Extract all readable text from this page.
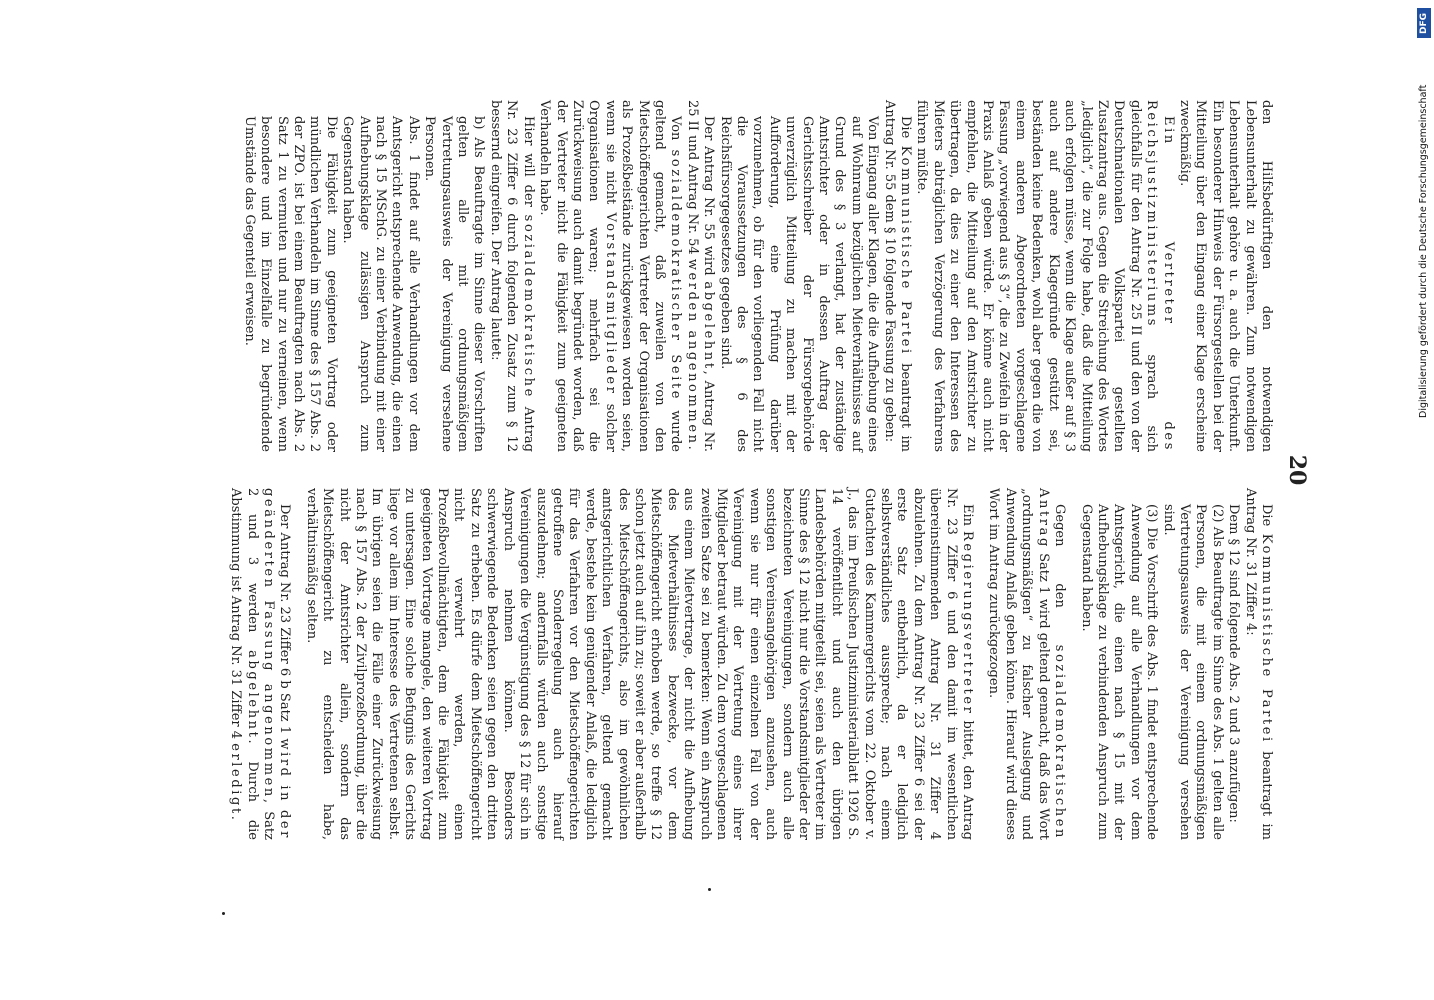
20

den Hilfsbedürftigen den notwendigen Lebensunterhalt zu gewähren. Zum notwendigen Lebensunterhalt gehöre u. a. auch die Unterkunft. Ein besonderer Hinweis der Fürsorgestellen bei der Mitteilung über den Eingang einer Klage erscheine zweckmäßig.

Ein Vertreter des Reichsjustizministeriums sprach sich gleichfalls für den Antrag Nr. 25 II und den von der Deutschnationalen Volkspartei gestellten Zusatzantrag aus. Gegen die Streichung des Wortes „lediglich“, die zur Folge habe, daß die Mitteilung auch erfolgen müsse, wenn die Klage außer auf § 3 auch auf andere Klagegründe gestützt sei, beständen keine Bedenken, wohl aber gegen die von einem anderen Abgeordneten vorgeschlagene Fassung „vorwiegend aus § 3“, die zu Zweifeln in der Praxis Anlaß geben würde. Er könne auch nicht empfehlen, die Mitteilung auf den Amtsrichter zu übertragen, da dies zu einer den Interessen des Mieters abträglichen Verzögerung des Verfahrens führen müßte.

Die Kommunistische Partei beantragt im Antrag Nr. 55 dem § 10 folgende Fassung zu geben:

Von Eingang aller Klagen, die die Aufhebung eines auf Wohnraum bezüglichen Mietverhältnisses auf Grund des § 3 verlangt, hat der zuständige Amtsrichter oder in dessen Auftrag der Gerichtsschreiber der Fürsorgebehörde unverzüglich Mitteilung zu machen mit der Aufforderung, eine Prüfung darüber vorzunehmen, ob für den vorliegenden Fall nicht die Voraussetzungen des § 6 des Reichsfürsorgegesetzes gegeben sind.

Der Antrag Nr. 55 wird abgelehnt, Antrag Nr. 25 II und Antrag Nr. 54 werden angenommen.

Von sozialdemokratischer Seite wurde geltend gemacht, daß zuweilen von den Mietschöffengerichten Vertreter der Organisationen als Prozeßbeistände zurückgewiesen worden seien, wenn sie nicht Vorstandsmitglieder solcher Organisationen waren; mehrfach sei die Zurückweisung auch damit begründet worden, daß der Vertreter nicht die Fähigkeit zum geeigneten Verhandeln habe.

Hier will der sozialdemokratische Antrag Nr. 23 Ziffer 6 durch folgenden Zusatz zum § 12 bessernd eingreifen. Der Antrag lautet:

b) Als Beauftragte im Sinne dieser Vorschriften gelten alle mit ordnungsmäßigem Vertretungsausweis der Vereinigung versehene Personen.

Abs. 1 findet auf alle Verhandlungen vor dem Amtsgericht entsprechende Anwendung, die einen nach § 15 MSchG. zu einer Verbindung mit einer Aufhebungsklage zulässigen Anspruch zum Gegenstand haben.

Die Fähigkeit zum geeigneten Vortrag oder mündlichen Verhandeln im Sinne des § 157 Abs. 2 der ZPO. ist bei einem Beauftragten nach Abs. 2 Satz 1 zu vermuten und nur zu verneinen, wenn besondere und im Einzelfalle zu begründende Umstände das Gegenteil erweisen.

Die Kommunistische Partei beantragt im Antrag Nr. 31 Ziffer 4:

Dem § 12 sind folgende Abs. 2 und 3 anzufügen:

(2) Als Beauftragte im Sinne des Abs. 1 gelten alle Personen, die mit einem ordnungsmäßigen Vertretungsausweis der Vereinigung versehen sind.

(3) Die Vorschrift des Abs. 1 findet entsprechende Anwendung auf alle Verhandlungen vor dem Amtsgericht, die einen nach § 15 mit der Aufhebungsklage zu verbindenden Anspruch zum Gegenstand haben.

Gegen den sozialdemokratischen Antrag Satz 1 wird geltend gemacht, daß das Wort „ordnungsmäßigen“ zu falscher Auslegung und Anwendung Anlaß geben könne. Hierauf wird dieses Wort im Antrag zurückgezogen.

Ein Regierungsvertreter bittet, den Antrag Nr. 23 Ziffer 6 und den damit im wesentlichen übereinstimmenden Antrag Nr. 31 Ziffer 4 abzulehnen. Zu dem Antrag Nr. 23 Ziffer 6 sei der erste Satz entbehrlich, da er lediglich selbstverständliches ausspreche; nach einem Gutachten des Kammergerichts vom 22. Oktober v. J., das im Preußischen Justizministerialblatt 1926 S. 14 veröffentlicht und auch den übrigen Landesbehörden mitgeteilt sei, seien als Vertreter im Sinne des § 12 nicht nur die Vorstandsmitglieder der bezeichneten Vereinigungen, sondern auch alle sonstigen Vereinsangehörigen anzusehen, auch wenn sie nur für einen einzelnen Fall von der Vereinigung mit der Vertretung eines ihrer Mitglieder betraut würden. Zu dem vorgeschlagenen zweiten Satze sei zu bemerken: Wenn ein Anspruch aus einem Mietvertrage, der nicht die Aufhebung des Mietverhältnisses bezwecke, vor dem Mietschöffengericht erhoben werde, so treffe § 12 schon jetzt auch auf ihn zu; soweit er aber außerhalb des Mietschöffengerichts, also im gewöhnlichen amtsgerichtlichen Verfahren, geltend gemacht werde, bestehe kein genügender Anlaß, die lediglich für das Verfahren vor den Mietschöffengerichten getroffene Sonderregelung auch hierauf auszudehnen; andernfalls würden auch sonstige Vereinigungen die Vergünstigung des § 12 für sich in Anspruch nehmen können. Besonders schwerwiegende Bedenken seien gegen den dritten Satz zu erheben. Es dürfe dem Mietschöffengericht nicht verwehrt werden, einen Prozeßbevollmächtigten, dem die Fähigkeit zum geeigneten Vortrage mangele, den weiteren Vortrag zu untersagen. Eine solche Befugnis des Gerichts liege vor allem im Interesse des Vertretenen selbst. Im übrigen seien die Fälle einer Zurückweisung nach § 157 Abs. 2 der Zivilprozeßordnung, über die nicht der Amtsrichter allein, sondern das Mietschöffengericht zu entscheiden habe, verhältnismäßig selten.

Der Antrag Nr. 23 Ziffer 6 b Satz 1 wird in der geänderten Fassung angenommen, Satz 2 und 3 werden abgelehnt. Durch die Abstimmung ist Antrag Nr. 31 Ziffer 4 erledigt.

DFG
Digitalisierung gefördert durch die Deutsche Forschungsgemeinschaft
